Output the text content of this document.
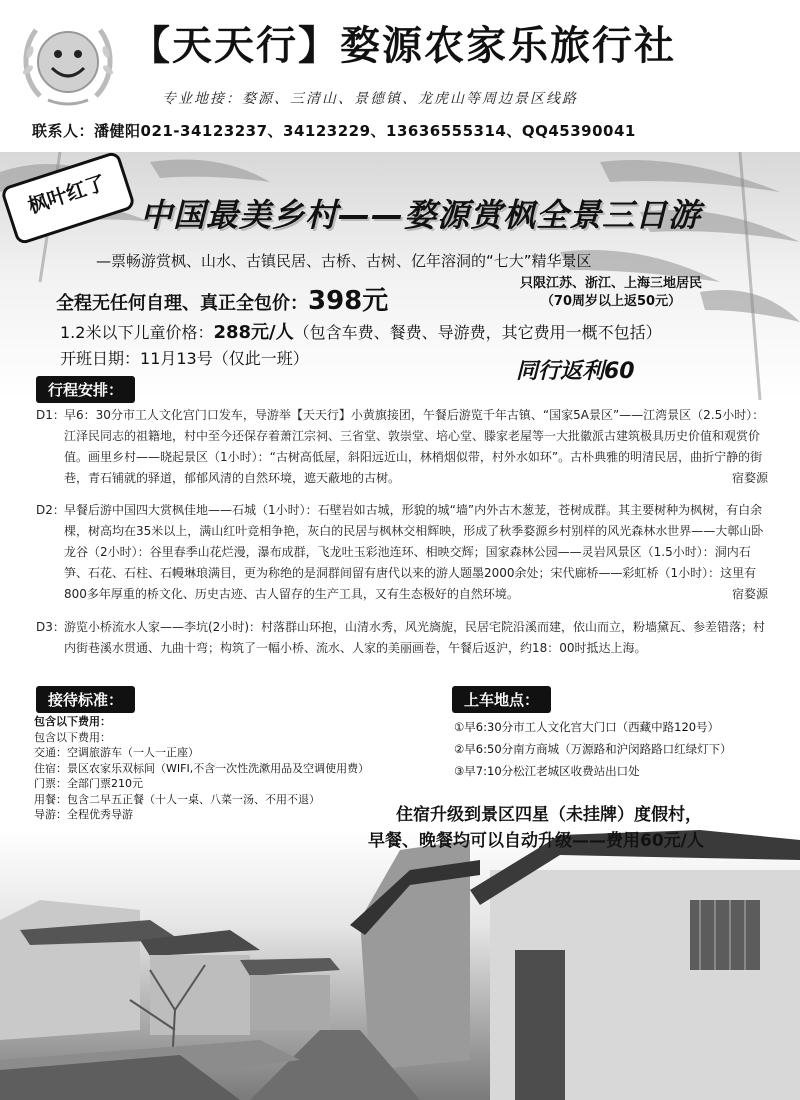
【天天行】婺源农家乐旅行社
专业地接：婺源、三清山、景德镇、龙虎山等周边景区线路
联系人：潘健阳021-34123237、34123229、13636555314、QQ45390041
枫叶红了 中国最美乡村——婺源赏枫全景三日游
—票畅游赏枫、山水、古镇民居、古桥、古树、亿年溶洞的“七大”精华景区
全程无任何自理、真正全包价：398元
只限江苏、浙江、上海三地居民
（70周岁以上返50元）
1.2米以下儿童价格：288元/人（包含车费、餐费、导游费，其它费用一概不包括）
开班日期：11月13号（仅此一班）
同行返利60
行程安排：
D1： 早6：30分市工人文化宫门口发车，导游举【天天行】小黄旗接团，午餐后游览千年古镇、“国家5A景区”——江湾景区（2.5小时）：江泽民同志的祖籍地，村中至今还保存着萧江宗祠、三省堂、敦崇堂、培心堂、滕家老屋等一大批徽派古建筑极具历史价值和观赏价值。画里乡村——晓起景区（1小时）：“古树高低屋，斜阳远近山，林梢烟似带，村外水如环”。古朴典雅的明清民居，曲折宁静的街巷，青石铺就的驿道，郁郁风清的自然环境，遮天蔽地的古树。	宿婺源
D2： 早餐后游中国四大赏枫佳地——石城（1小时）：石壁岩如古城，形貌的城“墙”内外古木葱茏，苍树成群。其主要树种为枫树，有白余棵，树高均在35米以上，满山红叶竞相争艳，灰白的民居与枫林交相辉映，形成了秋季婺源乡村别样的风光森林水世界——大鄣山卧龙谷（2小时）：谷里春季山花烂漫，瀑布成群，飞龙吐玉彩池连环、相映交辉；国家森林公园——灵岩风景区（1.5小时）：洞内石笋、石花、石柱、石幔琳琅满目，更为称绝的是洞群间留有唐代以来的游人题墨2000余处；宋代廊桥——彩虹桥（1小时）：这里有800多年厚重的桥文化、历史古迹、古人留存的生产工具，又有生态极好的自然环境。	宿婺源
D3： 游览小桥流水人家——李坑(2小时)：村落群山环抱，山清水秀，风光旖旎，民居宅院沿溪而建，依山而立，粉墙黛瓦、参差错落；村内街巷溪水贯通、九曲十弯；构筑了一幅小桥、流水、人家的美丽画卷，午餐后返沪，约18：00时抵达上海。
接待标准：	上车地点：
包含以下费用：
包含以下费用：
交通：空调旅游车（一人一正座）
住宿：景区农家乐双标间（WIFI,不含一次性洗漱用品及空调使用费）
门票：全部门票210元
用餐：包含二早五正餐（十人一桌、八菜一汤、不用不退）
导游：全程优秀导游
①早6:30分市工人文化宫大门口（西藏中路120号）
②早6:50分南方商城（万源路和沪闵路路口红绿灯下）
③早7:10分松江老城区收费站出口处
住宿升级到景区四星（未挂牌）度假村，
早餐、晚餐均可以自动升级——费用60元/人
